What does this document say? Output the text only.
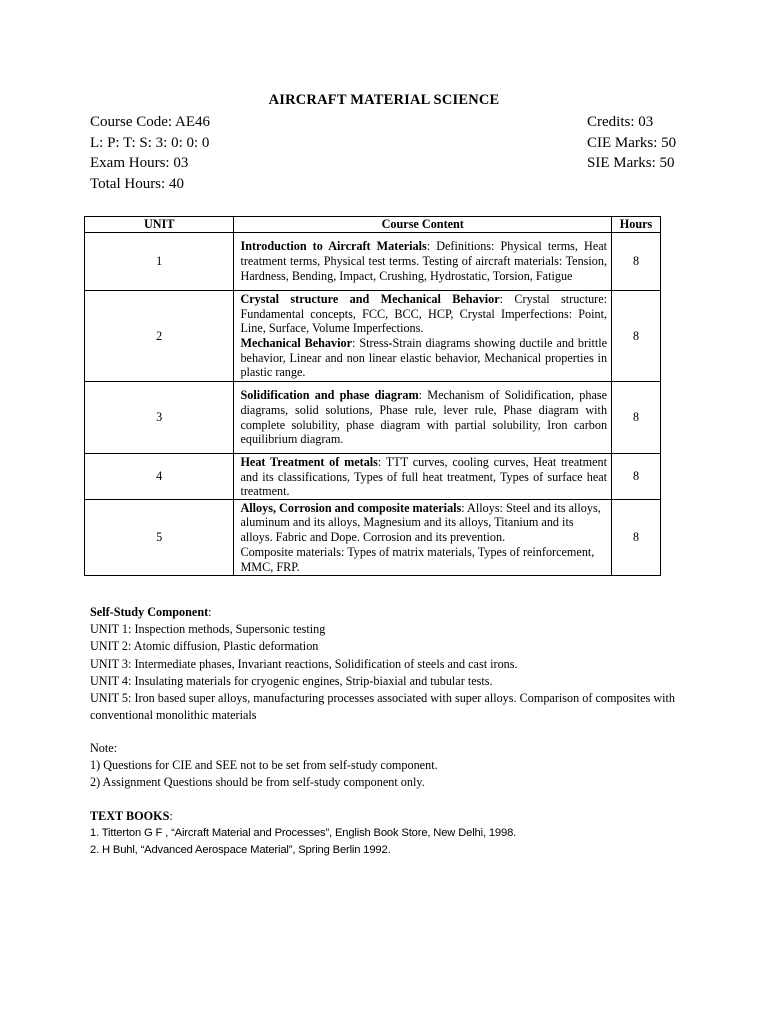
AIRCRAFT MATERIAL SCIENCE
Course Code: AE46
L: P: T: S: 3: 0: 0: 0
Exam Hours: 03
Total Hours: 40
Credits: 03
CIE Marks: 50
SIE Marks: 50
UNIT	Course Content	Hours
1	Introduction to Aircraft Materials: Definitions: Physical terms, Heat treatment terms, Physical test terms. Testing of aircraft materials: Tension, Hardness, Bending, Impact, Crushing, Hydrostatic, Torsion, Fatigue	8
2	Crystal structure and Mechanical Behavior: Crystal structure: Fundamental concepts, FCC, BCC, HCP, Crystal Imperfections: Point, Line, Surface, Volume Imperfections.
Mechanical Behavior: Stress-Strain diagrams showing ductile and brittle behavior, Linear and non linear elastic behavior, Mechanical properties in plastic range.	8
3	Solidification and phase diagram: Mechanism of Solidification, phase diagrams, solid solutions, Phase rule, lever rule, Phase diagram with complete solubility, phase diagram with partial solubility, Iron carbon equilibrium diagram.	8
4	Heat Treatment of metals: TTT curves, cooling curves, Heat treatment and its classifications, Types of full heat treatment, Types of surface heat treatment.	8
5	Alloys, Corrosion and composite materials: Alloys: Steel and its alloys, aluminum and its alloys, Magnesium and its alloys, Titanium and its alloys. Fabric and Dope. Corrosion and its prevention.
Composite materials: Types of matrix materials, Types of reinforcement, MMC, FRP.	8
Self-Study Component:
UNIT 1: Inspection methods, Supersonic testing
UNIT 2: Atomic diffusion, Plastic deformation
UNIT 3: Intermediate phases, Invariant reactions, Solidification of steels and cast irons.
UNIT 4: Insulating materials for cryogenic engines, Strip-biaxial and tubular tests.
UNIT 5: Iron based super alloys, manufacturing processes associated with super alloys. Comparison of composites with conventional monolithic materials
Note:
1) Questions for CIE and SEE not to be set from self-study component.
2) Assignment Questions should be from self-study component only.
TEXT BOOKS:
1. Titterton G F , “Aircraft Material and Processes”, English Book Store, New Delhi, 1998.
2. H Buhl, “Advanced Aerospace Material”, Spring Berlin 1992.
